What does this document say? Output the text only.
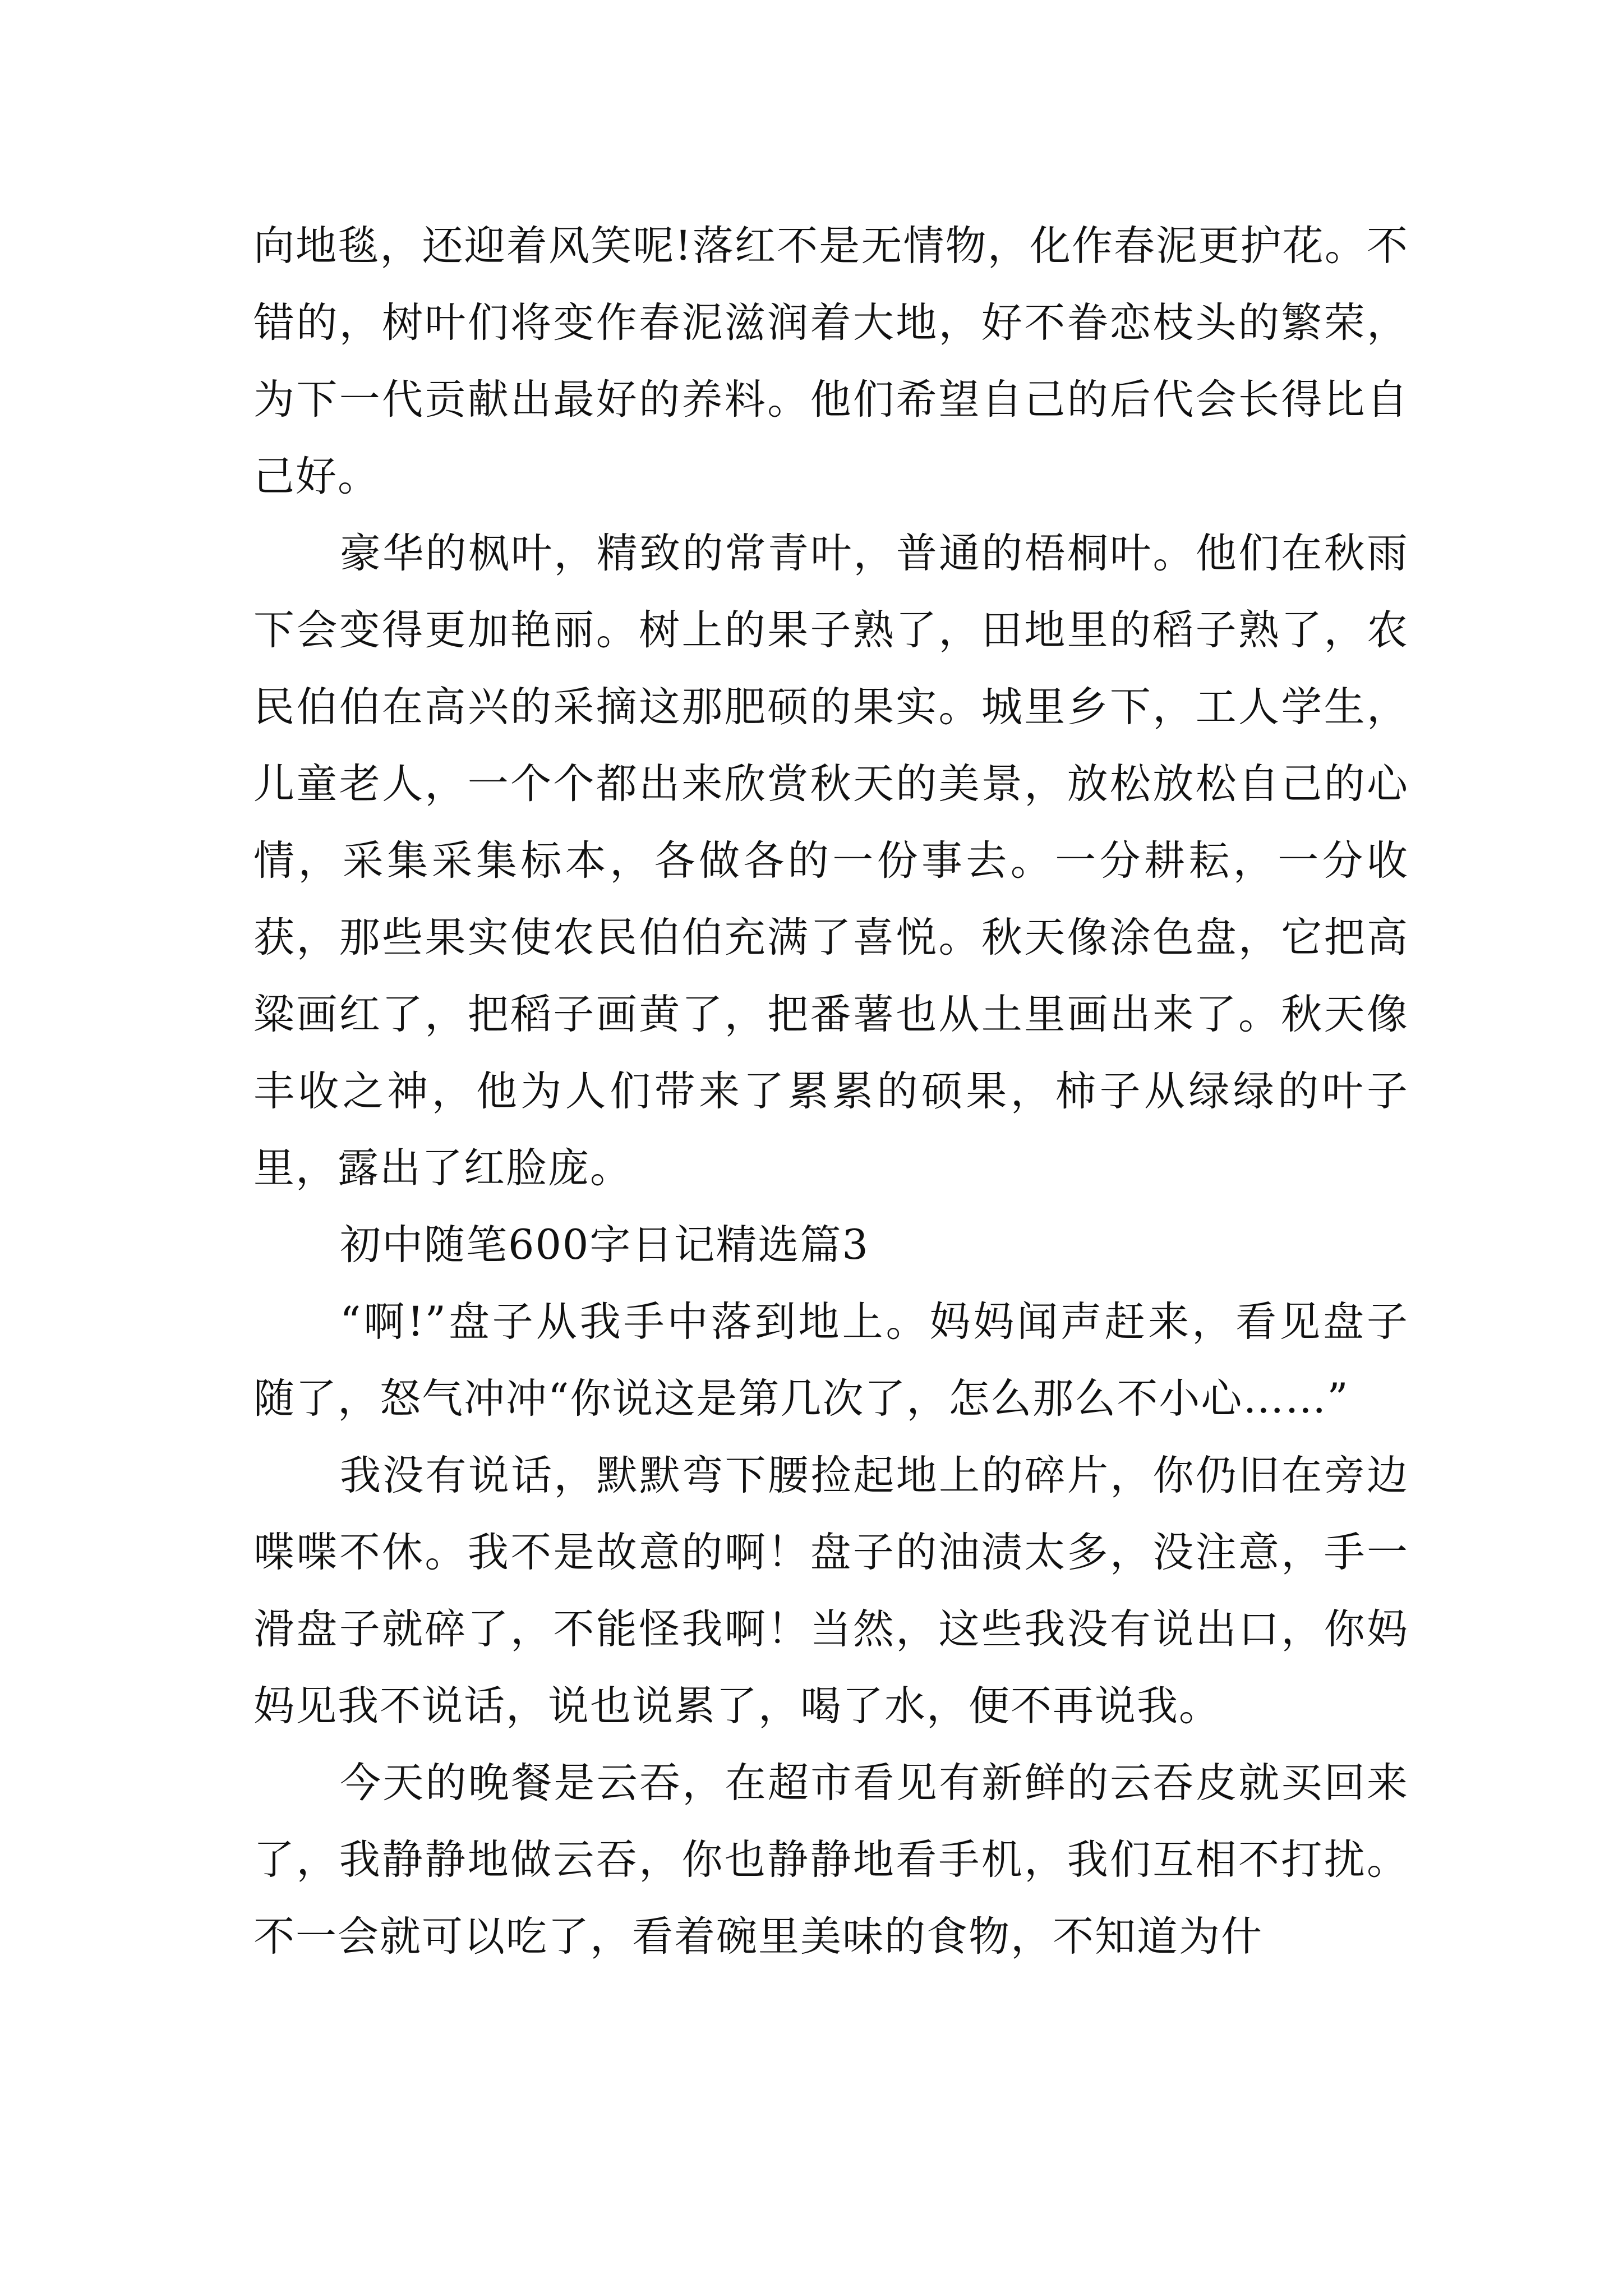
向地毯，还迎着风笑呢!落红不是无情物，化作春泥更护花。不错的，树叶们将变作春泥滋润着大地，好不眷恋枝头的繁荣，为下一代贡献出最好的养料。他们希望自己的后代会长得比自己好。

豪华的枫叶，精致的常青叶，普通的梧桐叶。他们在秋雨下会变得更加艳丽。树上的果子熟了，田地里的稻子熟了，农民伯伯在高兴的采摘这那肥硕的果实。城里乡下，工人学生，儿童老人，一个个都出来欣赏秋天的美景，放松放松自己的心情，采集采集标本，各做各的一份事去。一分耕耘，一分收获，那些果实使农民伯伯充满了喜悦。秋天像涂色盘，它把高粱画红了，把稻子画黄了，把番薯也从土里画出来了。秋天像丰收之神，他为人们带来了累累的硕果，柿子从绿绿的叶子里，露出了红脸庞。

初中随笔600字日记精选篇3

“啊!”盘子从我手中落到地上。妈妈闻声赶来，看见盘子随了，怒气冲冲“你说这是第几次了，怎么那么不小心……”

我没有说话，默默弯下腰捡起地上的碎片，你仍旧在旁边喋喋不休。我不是故意的啊！盘子的油渍太多，没注意，手一滑盘子就碎了，不能怪我啊！当然，这些我没有说出口，你妈妈见我不说话，说也说累了，喝了水，便不再说我。

今天的晚餐是云吞，在超市看见有新鲜的云吞皮就买回来了，我静静地做云吞，你也静静地看手机，我们互相不打扰。不一会就可以吃了，看着碗里美味的食物，不知道为什
